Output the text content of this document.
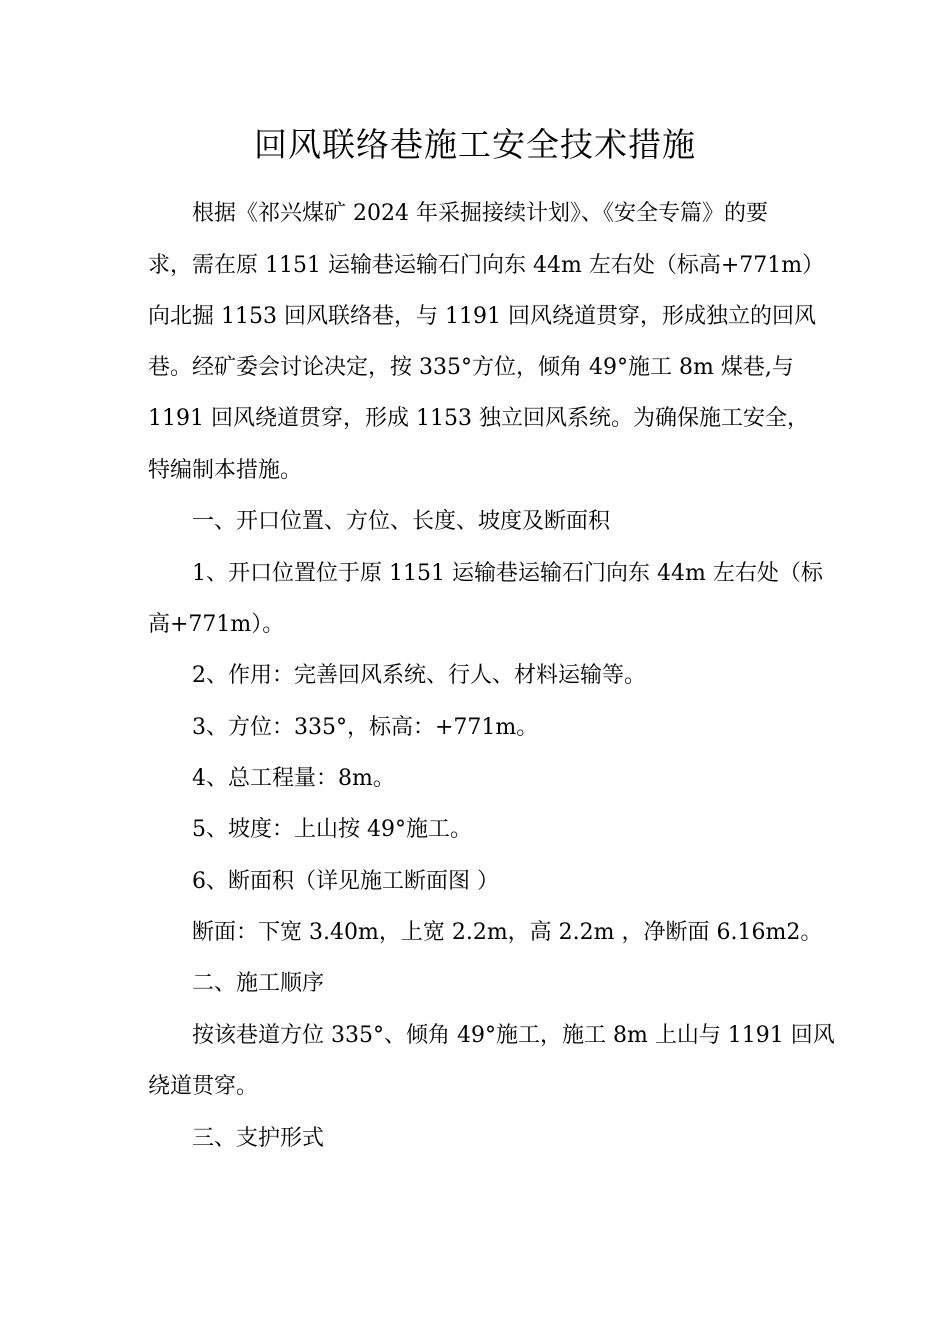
回风联络巷施工安全技术措施

根据《祁兴煤矿 2024 年采掘接续计划》、《安全专篇》的要

求，需在原 1151 运输巷运输石门向东 44m 左右处（标高+771m）

向北掘 1153 回风联络巷，与 1191 回风绕道贯穿，形成独立的回风

巷。经矿委会讨论决定，按 335°方位，倾角 49°施工 8m 煤巷,与

1191 回风绕道贯穿，形成 1153 独立回风系统。为确保施工安全，

特编制本措施。

一、开口位置、方位、长度、坡度及断面积

1、开口位置位于原 1151 运输巷运输石门向东 44m 左右处（标

高+771m）。

2、作用：完善回风系统、行人、材料运输等。

3、方位：335°，标高：+771m。

4、总工程量：8m。

5、坡度：上山按 49°施工。

6、断面积（详见施工断面图 ）

断面：下宽 3.40m，上宽 2.2m，高 2.2m ，净断面 6.16m2。

二、施工顺序

按该巷道方位 335°、倾角 49°施工，施工 8m 上山与 1191 回风

绕道贯穿。

三、支护形式
